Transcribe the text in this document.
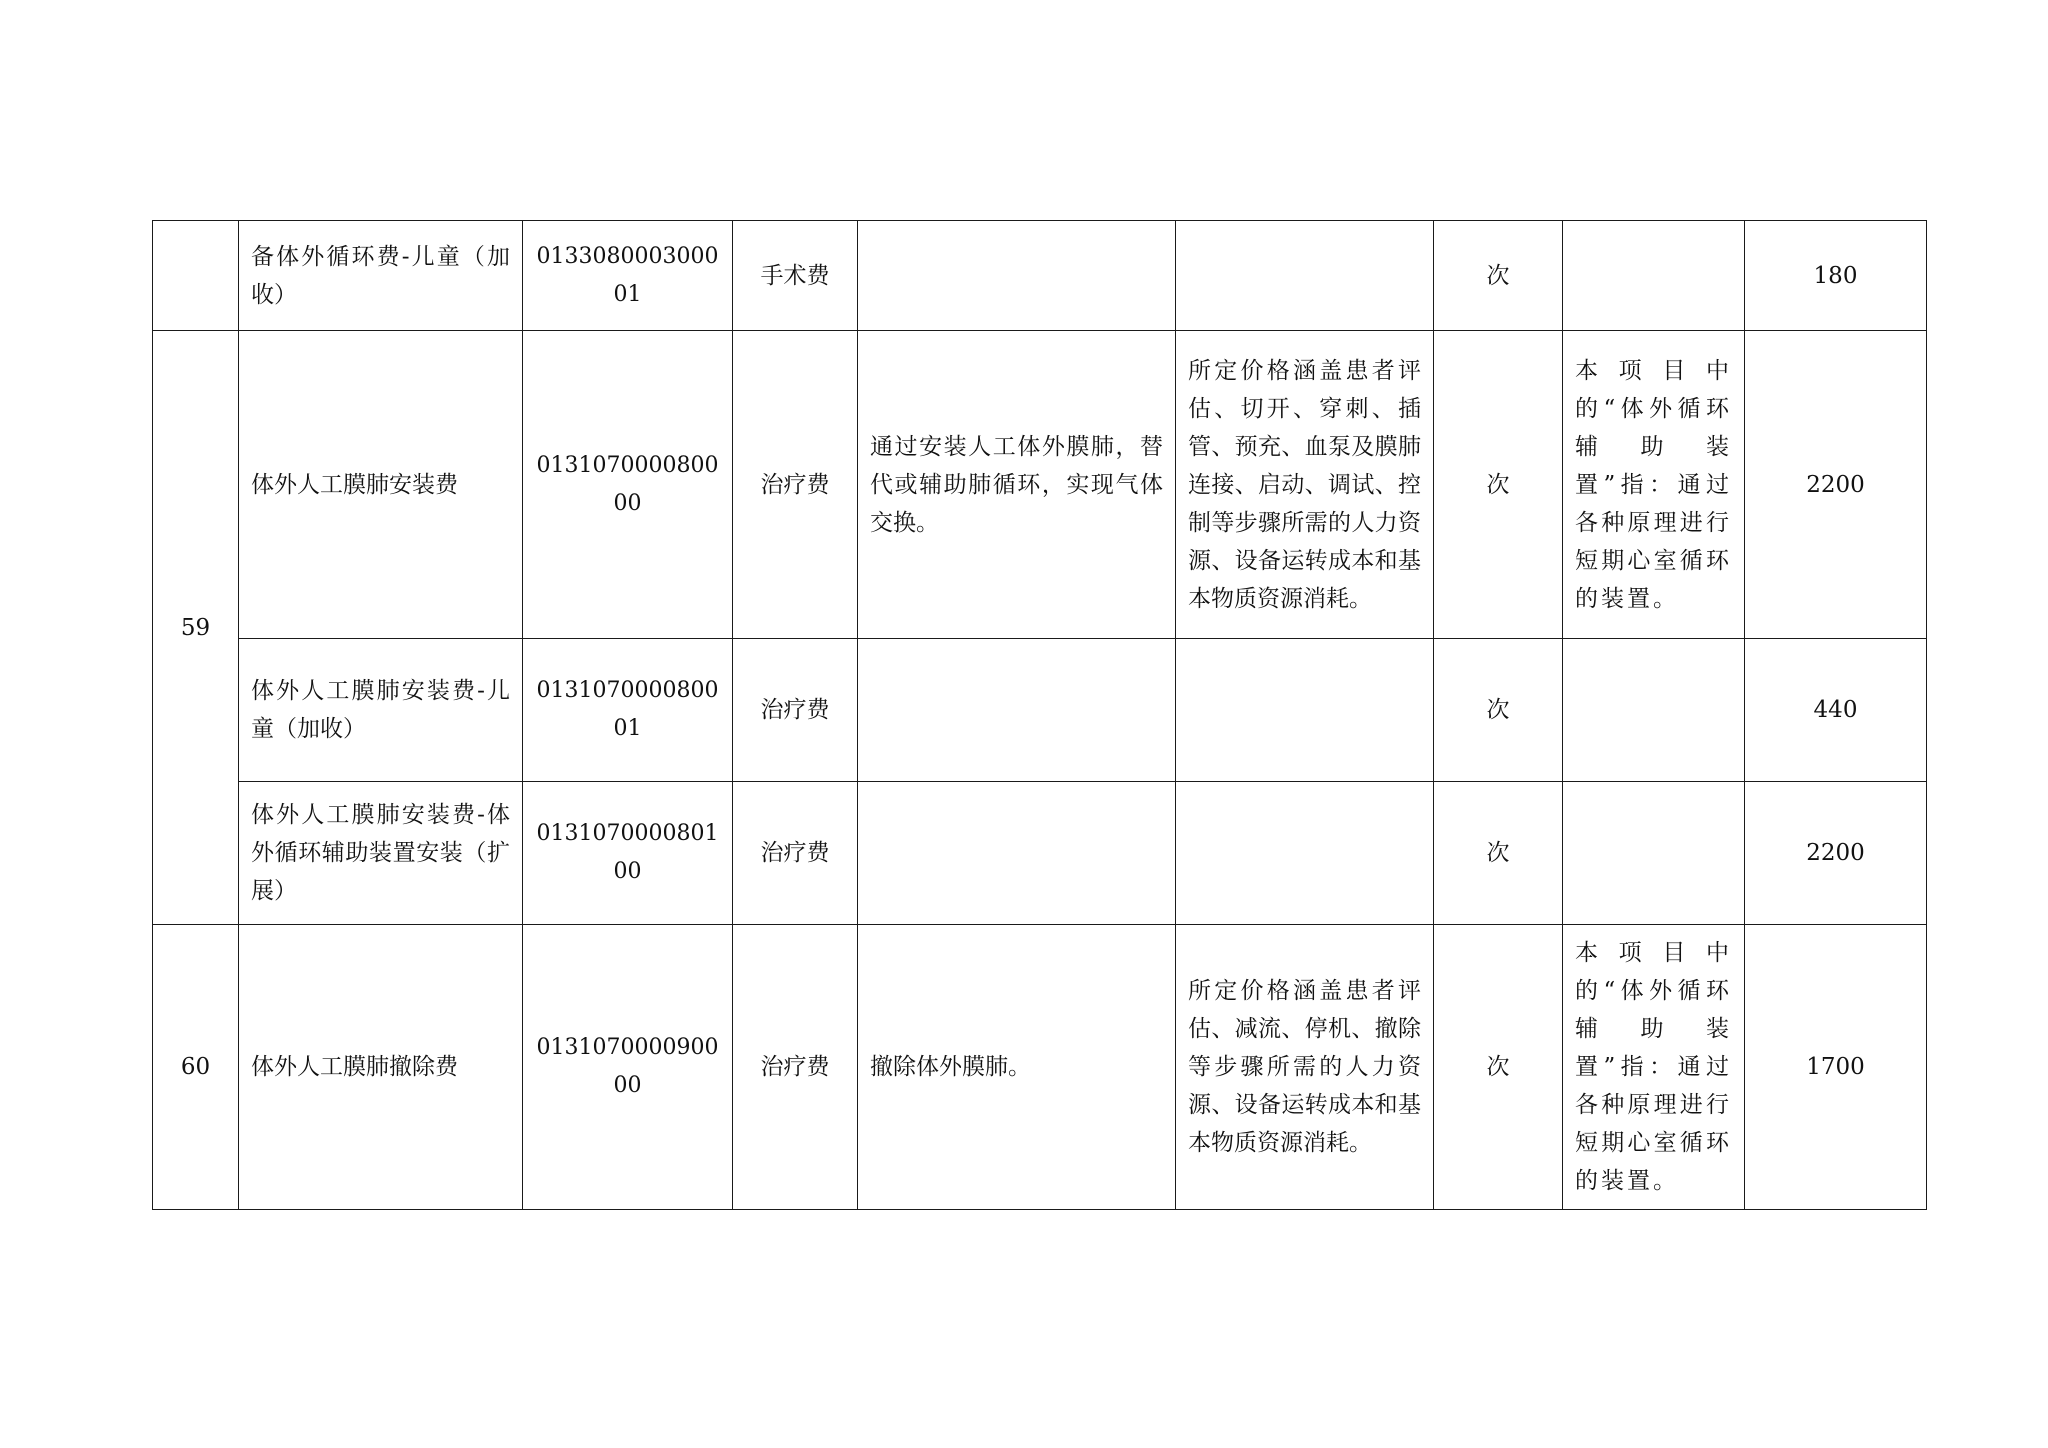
	备体外循环费-儿童（加收）	013308000300001	手术费			次		180
59	体外人工膜肺安装费	013107000080000	治疗费	通过安装人工体外膜肺，替代或辅助肺循环，实现气体交换。	所定价格涵盖患者评估、切开、穿刺、插管、预充、血泵及膜肺连接、启动、调试、控制等步骤所需的人力资源、设备运转成本和基本物质资源消耗。	次	本项目中的“体外循环辅助装置”指：通过各种原理进行短期心室循环的装置。	2200
	体外人工膜肺安装费-儿童（加收）	013107000080001	治疗费			次		440
	体外人工膜肺安装费-体外循环辅助装置安装（扩展）	013107000080100	治疗费			次		2200
60	体外人工膜肺撤除费	013107000090000	治疗费	撤除体外膜肺。	所定价格涵盖患者评估、减流、停机、撤除等步骤所需的人力资源、设备运转成本和基本物质资源消耗。	次	本项目中的“体外循环辅助装置”指：通过各种原理进行短期心室循环的装置。	1700
